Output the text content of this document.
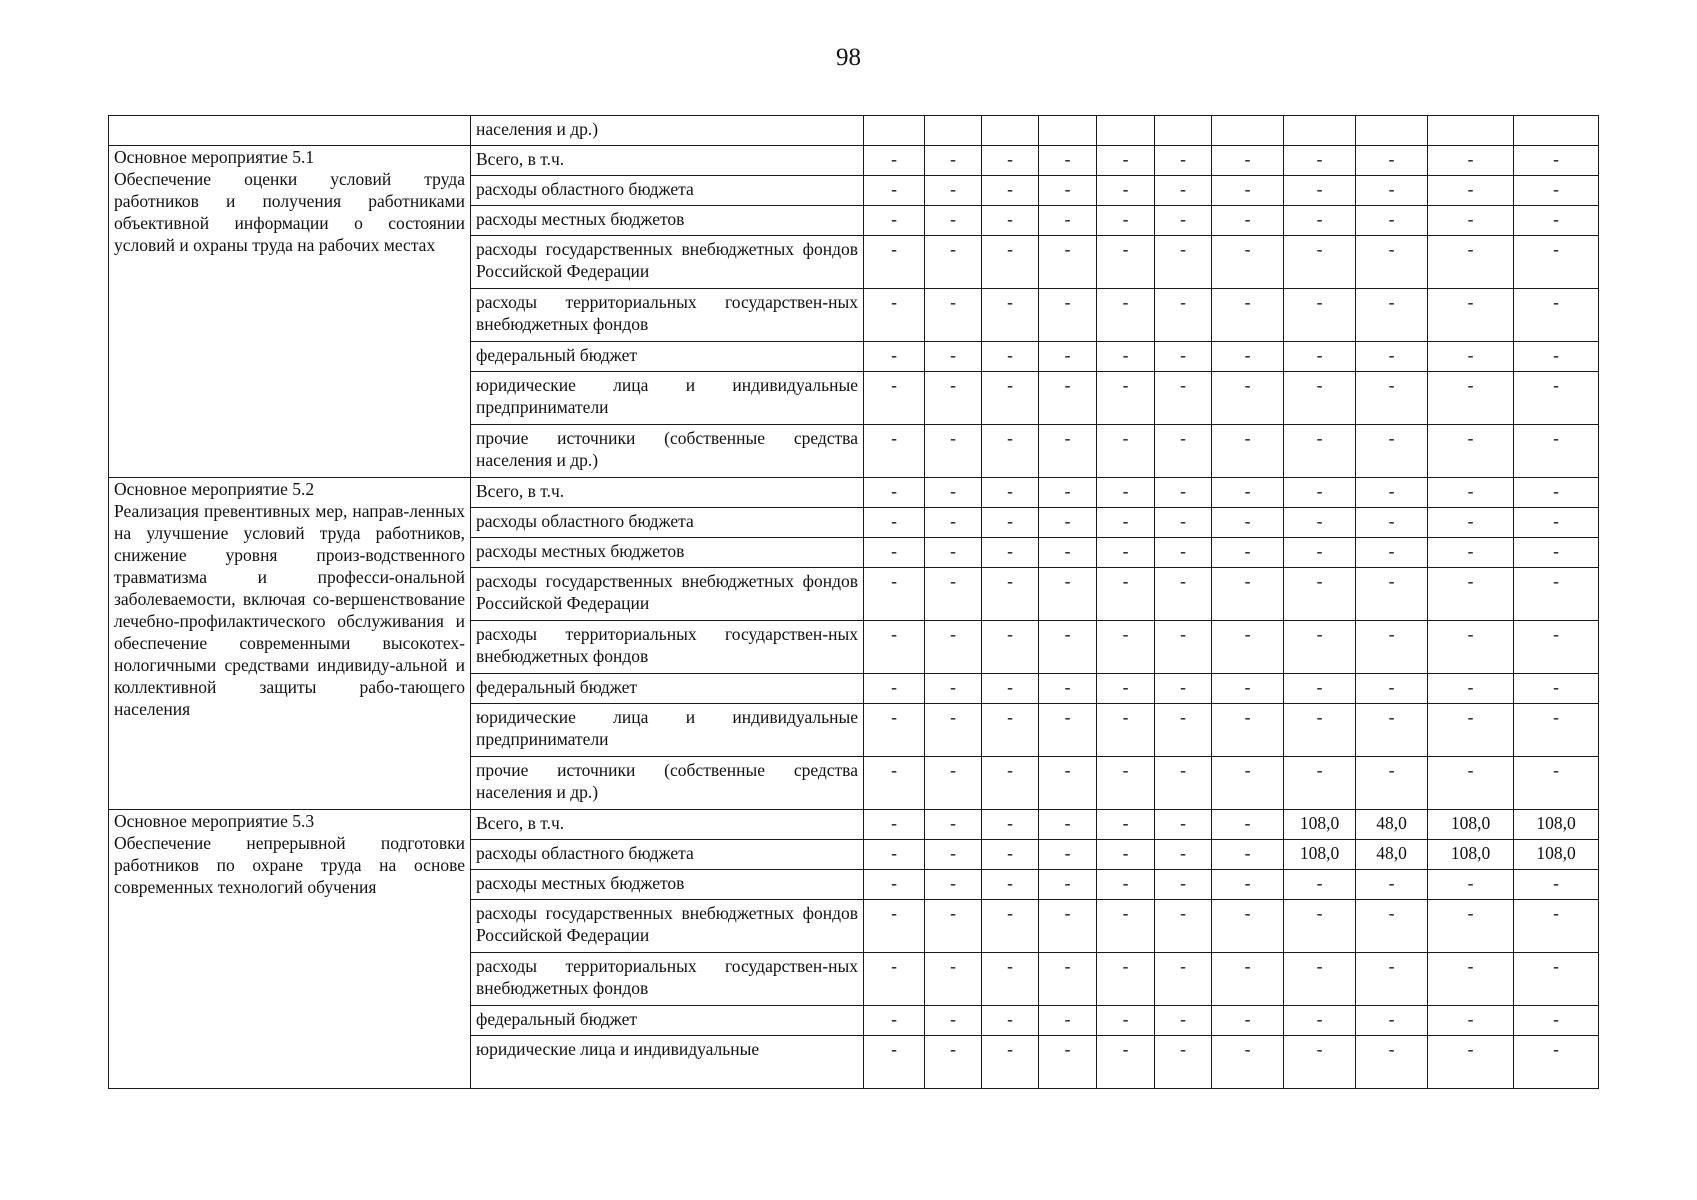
98
	населения и др.)											

Основное мероприятие 5.1
Обеспечение оценки условий труда работников и получения работниками объективной информации о состоянии условий и охраны труда на рабочих местах	Всего, в т.ч.	-	-	-	-	-	-	-	-	-	-	-
	расходы областного бюджета	-	-	-	-	-	-	-	-	-	-	-
	расходы местных бюджетов	-	-	-	-	-	-	-	-	-	-	-
	расходы государственных внебюджетных фондов Российской Федерации	-	-	-	-	-	-	-	-	-	-	-
	расходы территориальных государствен-ных внебюджетных фондов	-	-	-	-	-	-	-	-	-	-	-
	федеральный бюджет	-	-	-	-	-	-	-	-	-	-	-
	юридические лица и индивидуальные предприниматели	-	-	-	-	-	-	-	-	-	-	-
	прочие источники (собственные средства населения и др.)	-	-	-	-	-	-	-	-	-	-	-

Основное мероприятие 5.2
Реализация превентивных мер, направ-ленных на улучшение условий труда работников, снижение уровня произ-водственного травматизма и професси-ональной заболеваемости, включая со-вершенствование лечебно-профилактического обслуживания и обеспечение современными высокотех-нологичными средствами индивиду-альной и коллективной защиты рабо-тающего населения	Всего, в т.ч.	-	-	-	-	-	-	-	-	-	-	-
	расходы областного бюджета	-	-	-	-	-	-	-	-	-	-	-
	расходы местных бюджетов	-	-	-	-	-	-	-	-	-	-	-
	расходы государственных внебюджетных фондов Российской Федерации	-	-	-	-	-	-	-	-	-	-	-
	расходы территориальных государствен-ных внебюджетных фондов	-	-	-	-	-	-	-	-	-	-	-
	федеральный бюджет	-	-	-	-	-	-	-	-	-	-	-
	юридические лица и индивидуальные предприниматели	-	-	-	-	-	-	-	-	-	-	-
	прочие источники (собственные средства населения и др.)	-	-	-	-	-	-	-	-	-	-	-

Основное мероприятие 5.3
Обеспечение непрерывной подготовки работников по охране труда на основе современных технологий обучения	Всего, в т.ч.	-	-	-	-	-	-	-	108,0	48,0	108,0	108,0
	расходы областного бюджета	-	-	-	-	-	-	-	108,0	48,0	108,0	108,0
	расходы местных бюджетов	-	-	-	-	-	-	-	-	-	-	-
	расходы государственных внебюджетных фондов Российской Федерации	-	-	-	-	-	-	-	-	-	-	-
	расходы территориальных государствен-ных внебюджетных фондов	-	-	-	-	-	-	-	-	-	-	-
	федеральный бюджет	-	-	-	-	-	-	-	-	-	-	-
	юридические лица и индивидуальные	-	-	-	-	-	-	-	-	-	-	-
